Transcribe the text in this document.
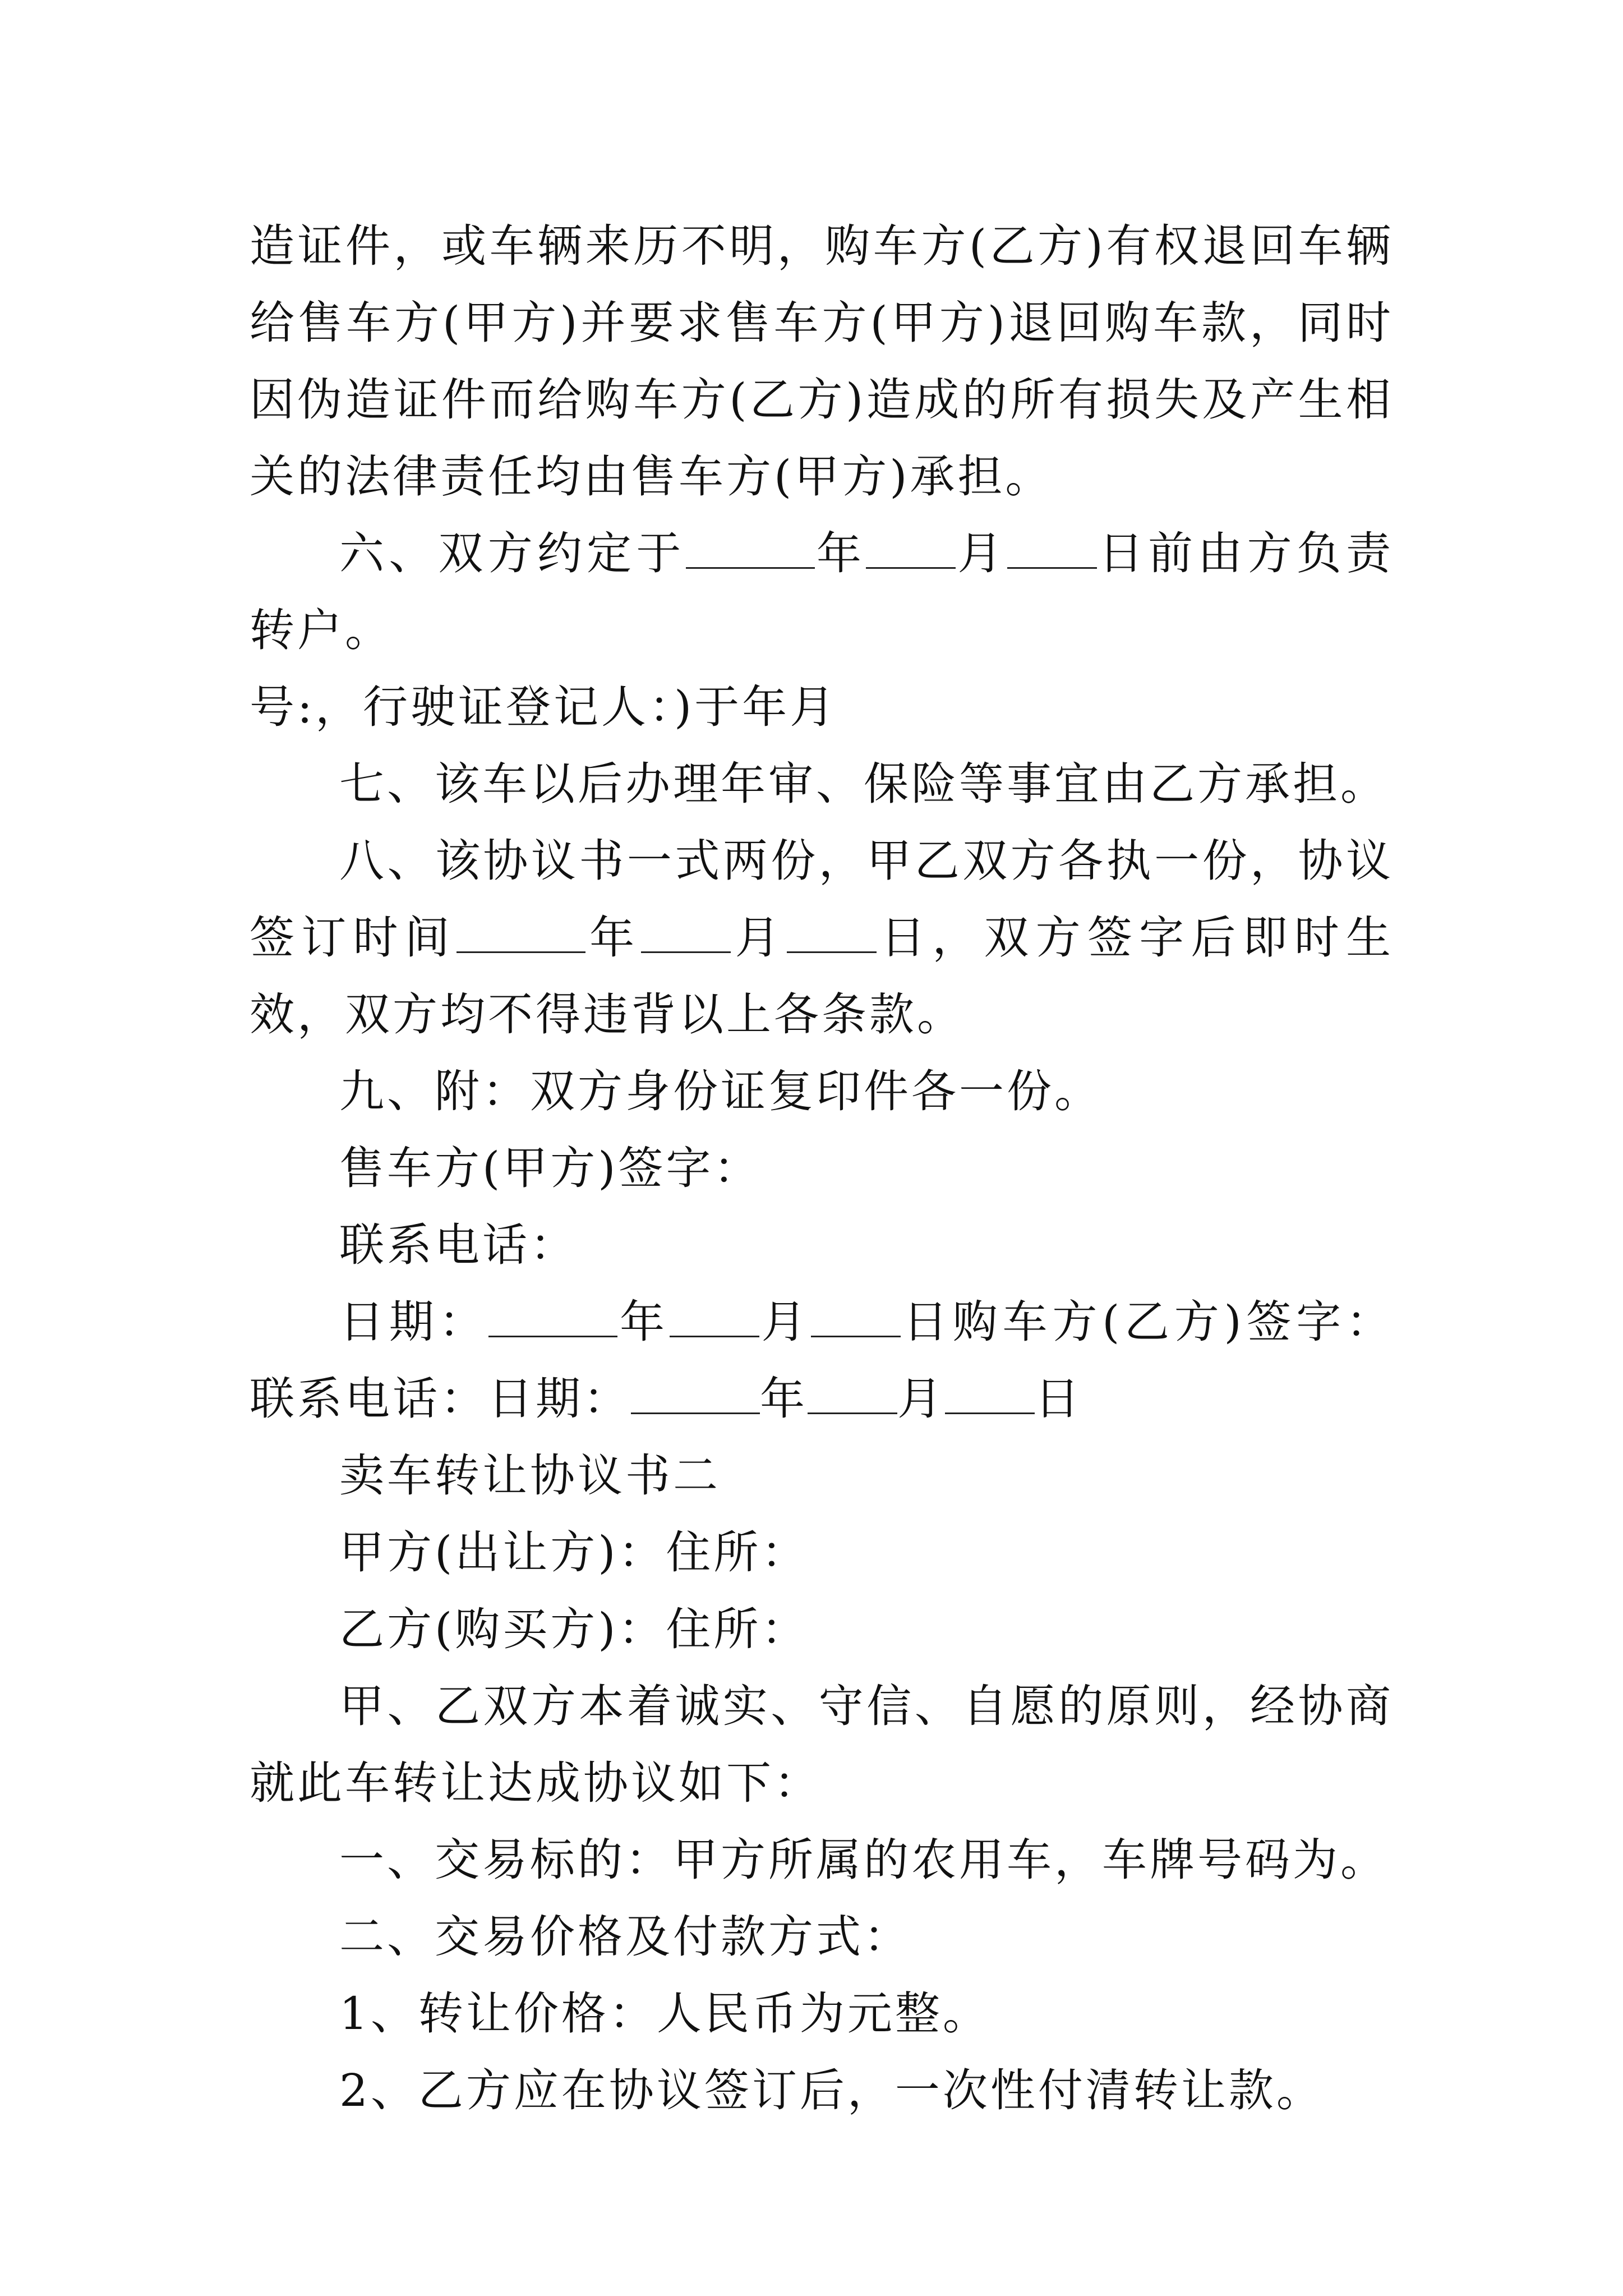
造证件，或车辆来历不明，购车方(乙方)有权退回车辆给售车方(甲方)并要求售车方(甲方)退回购车款，同时因伪造证件而给购车方(乙方)造成的所有损失及产生相关的法律责任均由售车方(甲方)承担。

六、双方约定于	年 月 日前由方负责转户。

号:，行驶证登记人：)于年月

七、该车以后办理年审、保险等事宜由乙方承担。

八、该协议书一式两份，甲乙双方各执一份，协议签订时间	年 月 日，双方签字后即时生效，双方均不得违背以上各条款。

九、附：双方身份证复印件各一份。

售车方(甲方)签字：

联系电话：

日期：	年 月 日购车方(乙方)签字：联系电话：日期：	年 月 日

卖车转让协议书二

甲方(出让方)：住所：

乙方(购买方)：住所：

甲、乙双方本着诚实、守信、自愿的原则，经协商就此车转让达成协议如下：

一、交易标的：甲方所属的农用车，车牌号码为。

二、交易价格及付款方式：

1、转让价格：人民币为元整。

2、乙方应在协议签订后，一次性付清转让款。
